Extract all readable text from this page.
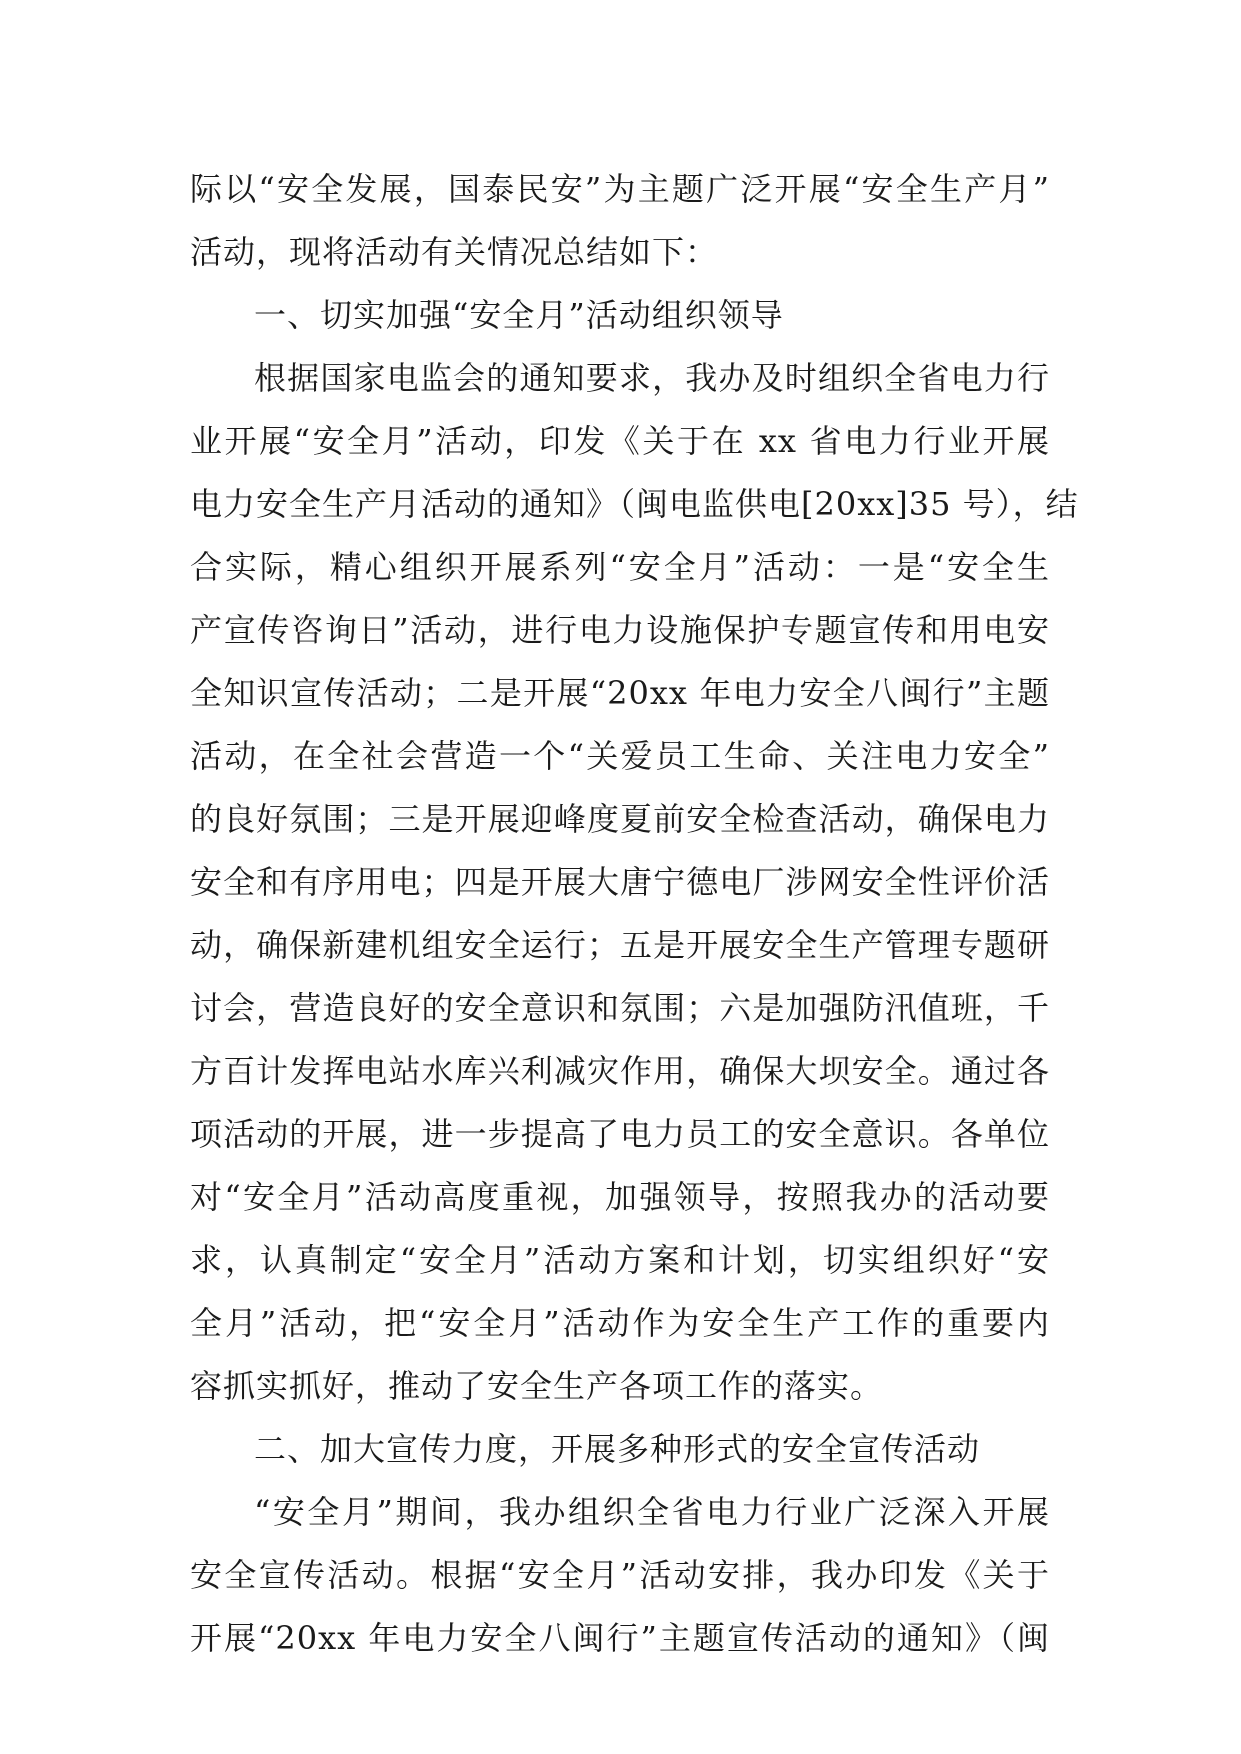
际以“安全发展，国泰民安”为主题广泛开展“安全生产月”
活动，现将活动有关情况总结如下：
一、切实加强“安全月”活动组织领导
根据国家电监会的通知要求，我办及时组织全省电力行
业开展“安全月”活动，印发《关于在 xx 省电力行业开展
电力安全生产月活动的通知》（闽电监供电[20xx]35 号），结
合实际，精心组织开展系列“安全月”活动：一是“安全生
产宣传咨询日”活动，进行电力设施保护专题宣传和用电安
全知识宣传活动；二是开展“20xx 年电力安全八闽行”主题
活动，在全社会营造一个“关爱员工生命、关注电力安全”
的良好氛围；三是开展迎峰度夏前安全检查活动，确保电力
安全和有序用电；四是开展大唐宁德电厂涉网安全性评价活
动，确保新建机组安全运行；五是开展安全生产管理专题研
讨会，营造良好的安全意识和氛围；六是加强防汛值班，千
方百计发挥电站水库兴利减灾作用，确保大坝安全。通过各
项活动的开展，进一步提高了电力员工的安全意识。各单位
对“安全月”活动高度重视，加强领导，按照我办的活动要
求，认真制定“安全月”活动方案和计划，切实组织好“安
全月”活动，把“安全月”活动作为安全生产工作的重要内
容抓实抓好，推动了安全生产各项工作的落实。
二、加大宣传力度，开展多种形式的安全宣传活动
“安全月”期间，我办组织全省电力行业广泛深入开展
安全宣传活动。根据“安全月”活动安排，我办印发《关于
开展“20xx 年电力安全八闽行”主题宣传活动的通知》（闽
